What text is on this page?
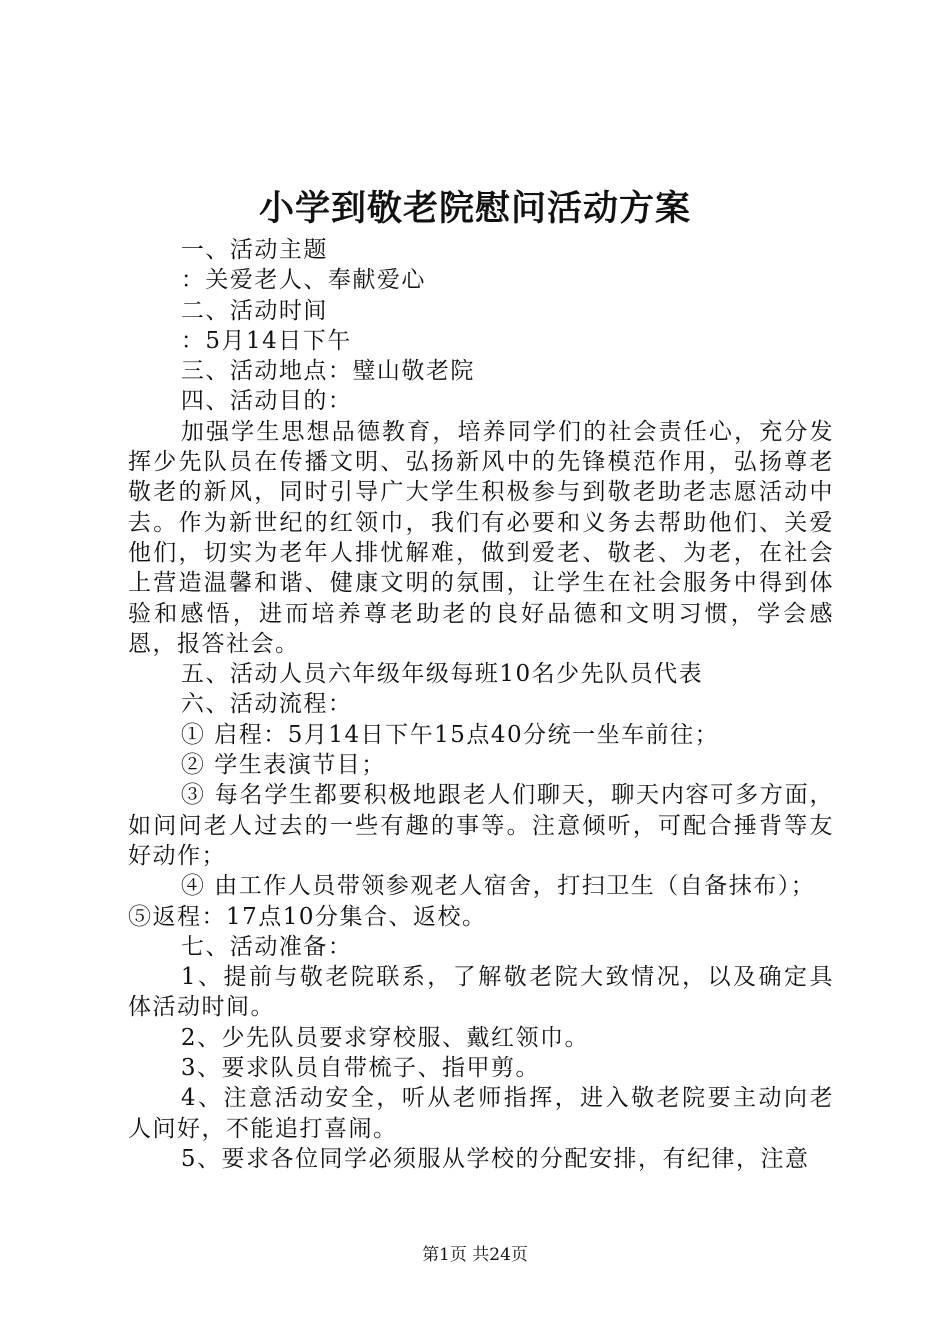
小学到敬老院慰问活动方案

一、活动主题

：关爱老人、奉献爱心

二、活动时间

：5月14日下午

三、活动地点：璧山敬老院

四、活动目的：

加强学生思想品德教育，培养同学们的社会责任心，充分发挥少先队员在传播文明、弘扬新风中的先锋模范作用，弘扬尊老敬老的新风，同时引导广大学生积极参与到敬老助老志愿活动中去。作为新世纪的红领巾，我们有必要和义务去帮助他们、关爱他们，切实为老年人排忧解难，做到爱老、敬老、为老，在社会上营造温馨和谐、健康文明的氛围，让学生在社会服务中得到体验和感悟，进而培养尊老助老的良好品德和文明习惯，学会感恩，报答社会。

五、活动人员六年级年级每班10名少先队员代表

六、活动流程：

① 启程：5月14日下午15点40分统一坐车前往；

② 学生表演节目；

③ 每名学生都要积极地跟老人们聊天，聊天内容可多方面，如问问老人过去的一些有趣的事等。注意倾听，可配合捶背等友好动作；

④ 由工作人员带领参观老人宿舍，打扫卫生（自备抹布）；

⑤返程：17点10分集合、返校。

七、活动准备：

1、提前与敬老院联系，了解敬老院大致情况，以及确定具体活动时间。

2、少先队员要求穿校服、戴红领巾。

3、要求队员自带梳子、指甲剪。

4、注意活动安全，听从老师指挥，进入敬老院要主动向老人问好，不能追打喜闹。

5、要求各位同学必须服从学校的分配安排，有纪律，注意

第1页 共24页
